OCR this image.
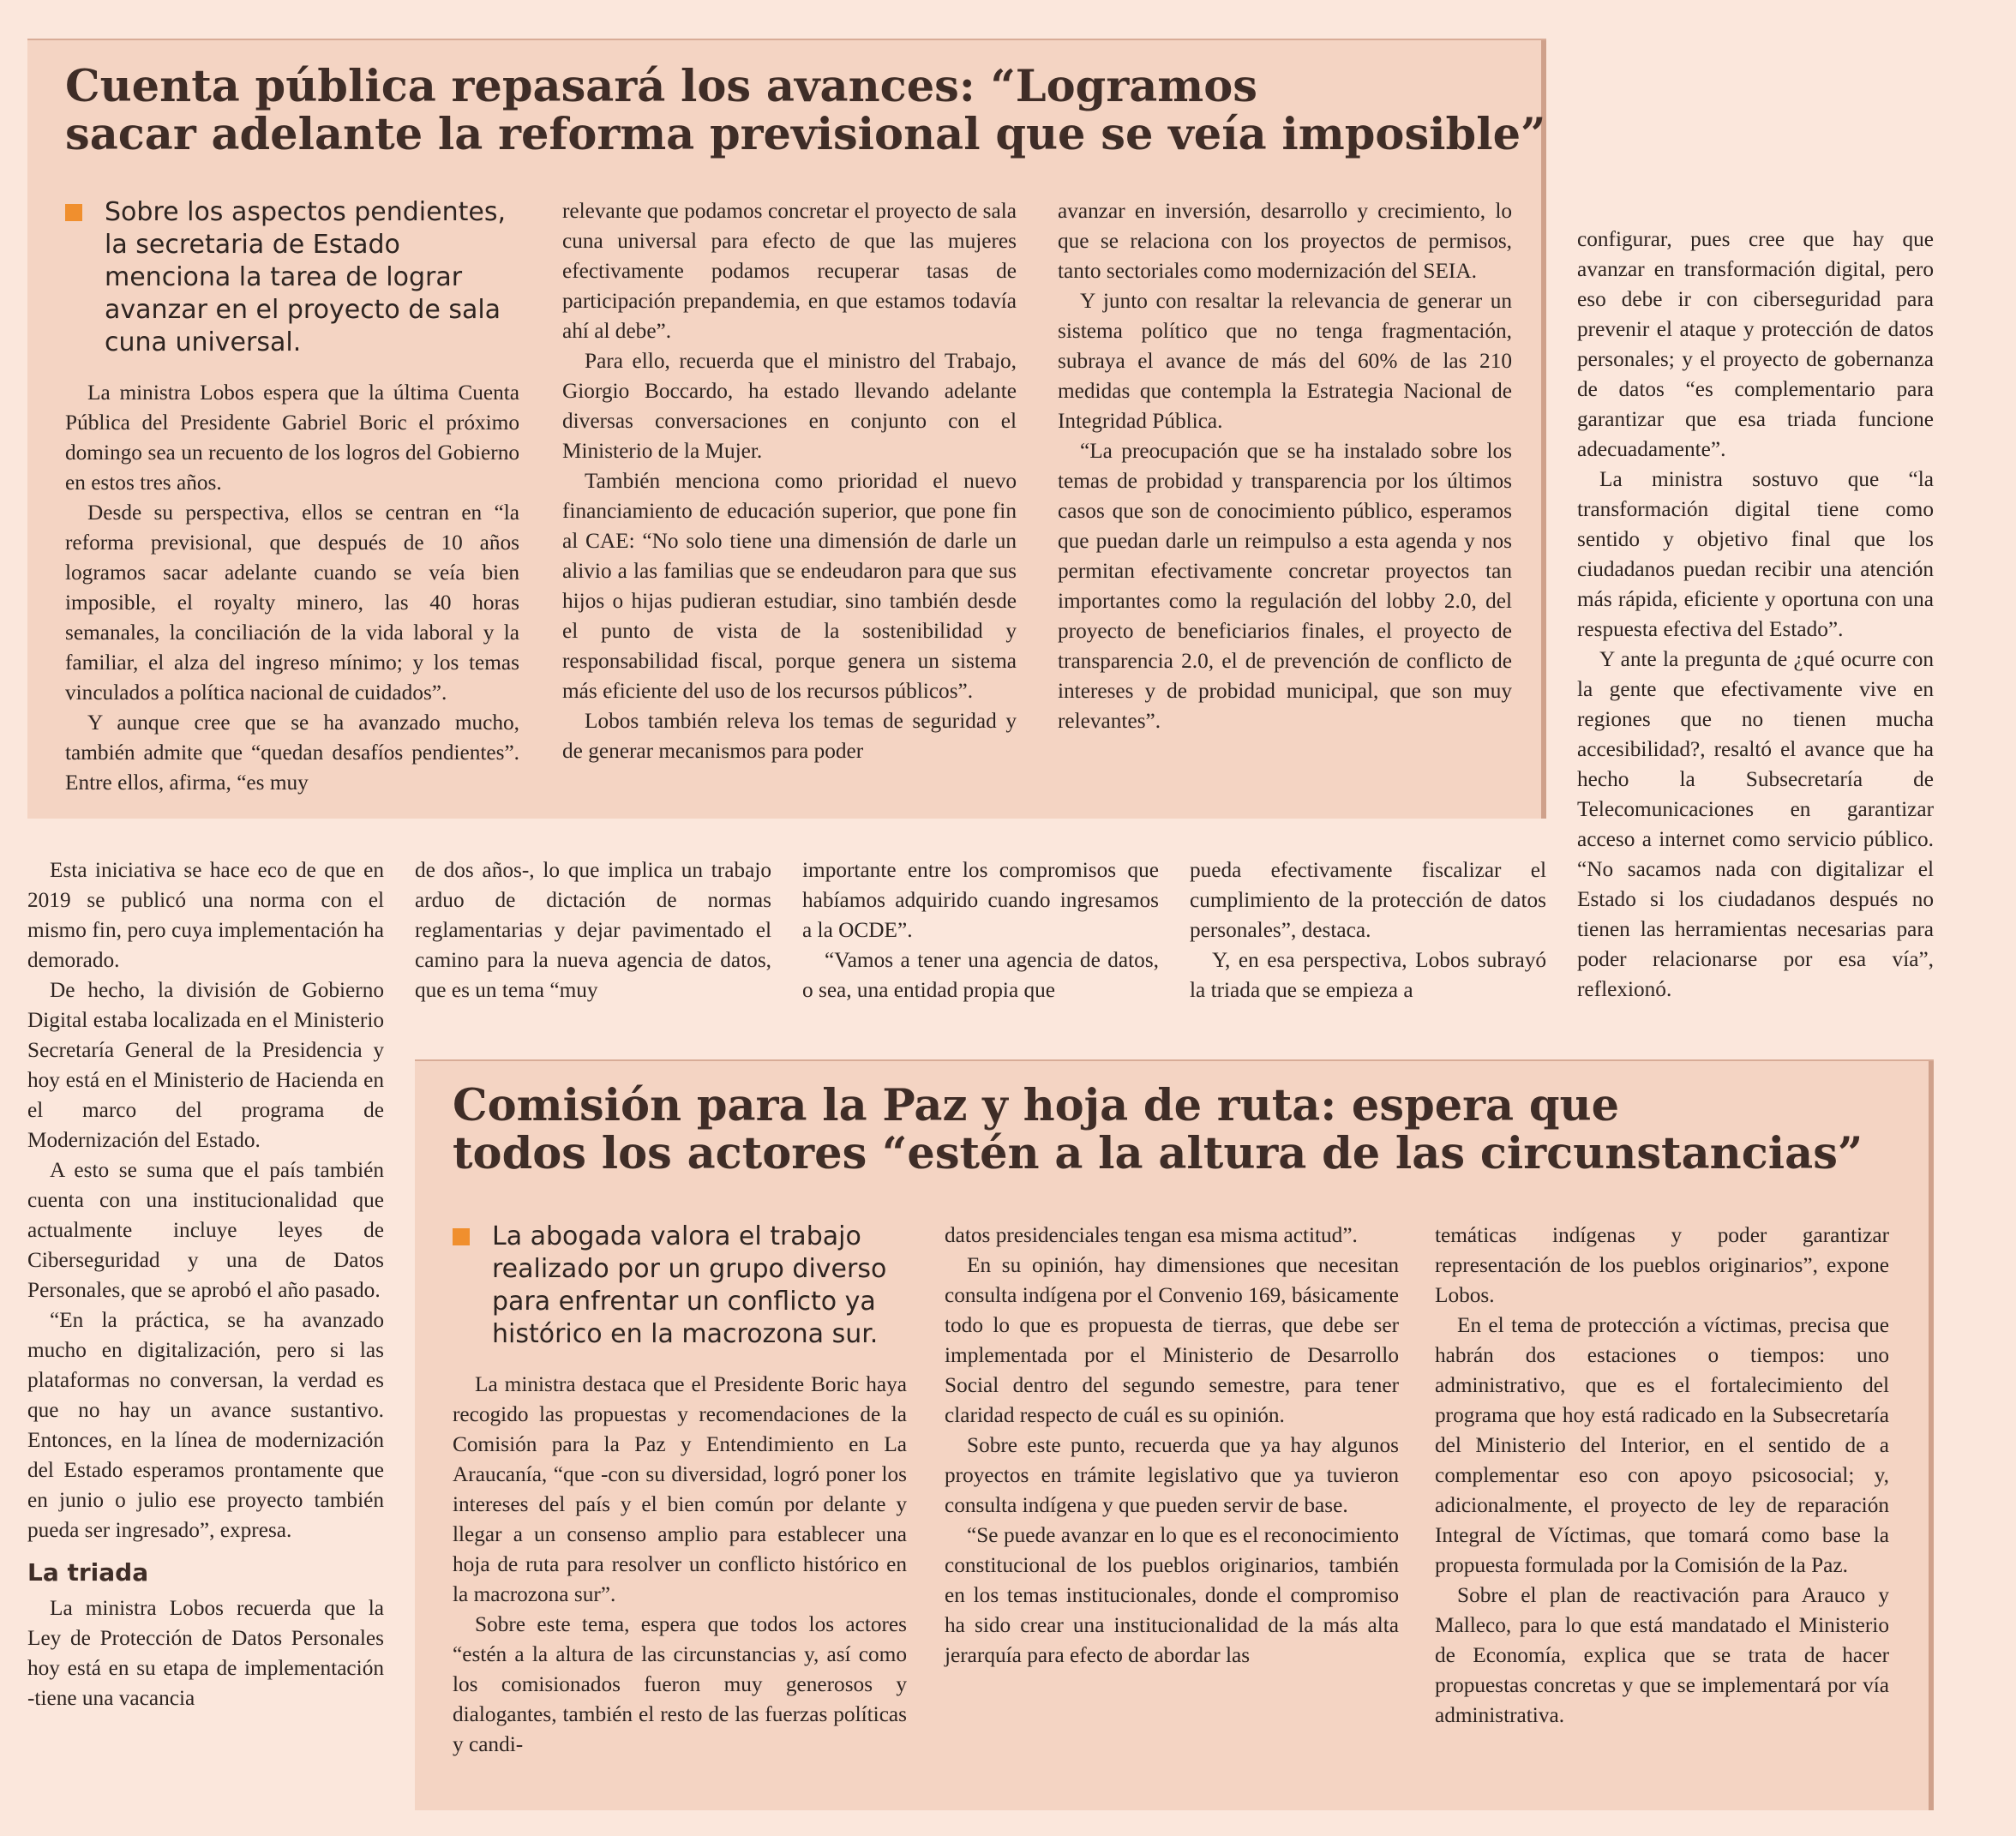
Cuenta pública repasará los avances: “Logramos
sacar adelante la reforma previsional que se veía imposible”
Sobre los aspectos pendientes, la secretaria de Estado menciona la tarea de lograr avanzar en el proyecto de sala cuna universal.

La ministra Lobos espera que la última Cuenta Pública del Presidente Gabriel Boric el próximo domingo sea un recuento de los logros del Gobierno en estos tres años.

Desde su perspectiva, ellos se centran en “la reforma previsional, que después de 10 años logramos sacar adelante cuando se veía bien imposible, el royalty minero, las 40 horas semanales, la conciliación de la vida laboral y la familiar, el alza del ingreso mínimo; y los temas vinculados a política nacional de cuidados”.

Y aunque cree que se ha avanzado mucho, también admite que “quedan desafíos pendientes”. Entre ellos, afirma, “es muy

relevante que podamos concretar el proyecto de sala cuna universal para efecto de que las mujeres efectivamente podamos recuperar tasas de participación prepandemia, en que estamos todavía ahí al debe”.

Para ello, recuerda que el ministro del Trabajo, Giorgio Boccardo, ha estado llevando adelante diversas conversaciones en conjunto con el Ministerio de la Mujer.

También menciona como prioridad el nuevo financiamiento de educación superior, que pone fin al CAE: “No solo tiene una dimensión de darle un alivio a las familias que se endeudaron para que sus hijos o hijas pudieran estudiar, sino también desde el punto de vista de la sostenibilidad y responsabilidad fiscal, porque genera un sistema más eficiente del uso de los recursos públicos”.

Lobos también releva los temas de seguridad y de generar mecanismos para poder

avanzar en inversión, desarrollo y crecimiento, lo que se relaciona con los proyectos de permisos, tanto sectoriales como modernización del SEIA.

Y junto con resaltar la relevancia de generar un sistema político que no tenga fragmentación, subraya el avance de más del 60% de las 210 medidas que contempla la Estrategia Nacional de Integridad Pública.

“La preocupación que se ha instalado sobre los temas de probidad y transparencia por los últimos casos que son de conocimiento público, esperamos que puedan darle un reimpulso a esta agenda y nos permitan efectivamente concretar proyectos tan importantes como la regulación del lobby 2.0, del proyecto de beneficiarios finales, el proyecto de transparencia 2.0, el de prevención de conflicto de intereses y de probidad municipal, que son muy relevantes”.

Esta iniciativa se hace eco de que en 2019 se publicó una norma con el mismo fin, pero cuya implementación ha demorado.

De hecho, la división de Gobierno Digital estaba localizada en el Ministerio Secretaría General de la Presidencia y hoy está en el Ministerio de Hacienda en el marco del programa de Modernización del Estado.

A esto se suma que el país también cuenta con una institucionalidad que actualmente incluye leyes de Ciberseguridad y una de Datos Personales, que se aprobó el año pasado.

“En la práctica, se ha avanzado mucho en digitalización, pero si las plataformas no conversan, la verdad es que no hay un avance sustantivo. Entonces, en la línea de modernización del Estado esperamos prontamente que en junio o julio ese proyecto también pueda ser ingresado”, expresa.

La triada

La ministra Lobos recuerda que la Ley de Protección de Datos Personales hoy está en su etapa de implementación -tiene una vacancia

de dos años-, lo que implica un trabajo arduo de dictación de normas reglamentarias y dejar pavimentado el camino para la nueva agencia de datos, que es un tema “muy

importante entre los compromisos que habíamos adquirido cuando ingresamos a la OCDE”.

“Vamos a tener una agencia de datos, o sea, una entidad propia que

pueda efectivamente fiscalizar el cumplimiento de la protección de datos personales”, destaca.

Y, en esa perspectiva, Lobos subrayó la triada que se empieza a

configurar, pues cree que hay que avanzar en transformación digital, pero eso debe ir con ciberseguridad para prevenir el ataque y protección de datos personales; y el proyecto de gobernanza de datos “es complementario para garantizar que esa triada funcione adecuadamente”.

La ministra sostuvo que “la transformación digital tiene como sentido y objetivo final que los ciudadanos puedan recibir una atención más rápida, eficiente y oportuna con una respuesta efectiva del Estado”.

Y ante la pregunta de ¿qué ocurre con la gente que efectivamente vive en regiones que no tienen mucha accesibilidad?, resaltó el avance que ha hecho la Subsecretaría de Telecomunicaciones en garantizar acceso a internet como servicio público. “No sacamos nada con digitalizar el Estado si los ciudadanos después no tienen las herramientas necesarias para poder relacionarse por esa vía”, reflexionó.

Comisión para la Paz y hoja de ruta: espera que
todos los actores “estén a la altura de las circunstancias”
La abogada valora el trabajo realizado por un grupo diverso para enfrentar un conflicto ya histórico en la macrozona sur.

La ministra destaca que el Presidente Boric haya recogido las propuestas y recomendaciones de la Comisión para la Paz y Entendimiento en La Araucanía, “que -con su diversidad, logró poner los intereses del país y el bien común por delante y llegar a un consenso amplio para establecer una hoja de ruta para resolver un conflicto histórico en la macrozona sur”.

Sobre este tema, espera que todos los actores “estén a la altura de las circunstancias y, así como los comisionados fueron muy generosos y dialogantes, también el resto de las fuerzas políticas y candi-

datos presidenciales tengan esa misma actitud”.

En su opinión, hay dimensiones que necesitan consulta indígena por el Convenio 169, básicamente todo lo que es propuesta de tierras, que debe ser implementada por el Ministerio de Desarrollo Social dentro del segundo semestre, para tener claridad respecto de cuál es su opinión.

Sobre este punto, recuerda que ya hay algunos proyectos en trámite legislativo que ya tuvieron consulta indígena y que pueden servir de base.

“Se puede avanzar en lo que es el reconocimiento constitucional de los pueblos originarios, también en los temas institucionales, donde el compromiso ha sido crear una institucionalidad de la más alta jerarquía para efecto de abordar las

temáticas indígenas y poder garantizar representación de los pueblos originarios”, expone Lobos.

En el tema de protección a víctimas, precisa que habrán dos estaciones o tiempos: uno administrativo, que es el fortalecimiento del programa que hoy está radicado en la Subsecretaría del Ministerio del Interior, en el sentido de a complementar eso con apoyo psicosocial; y, adicionalmente, el proyecto de ley de reparación Integral de Víctimas, que tomará como base la propuesta formulada por la Comisión de la Paz.

Sobre el plan de reactivación para Arauco y Malleco, para lo que está mandatado el Ministerio de Economía, explica que se trata de hacer propuestas concretas y que se implementará por vía administrativa.
